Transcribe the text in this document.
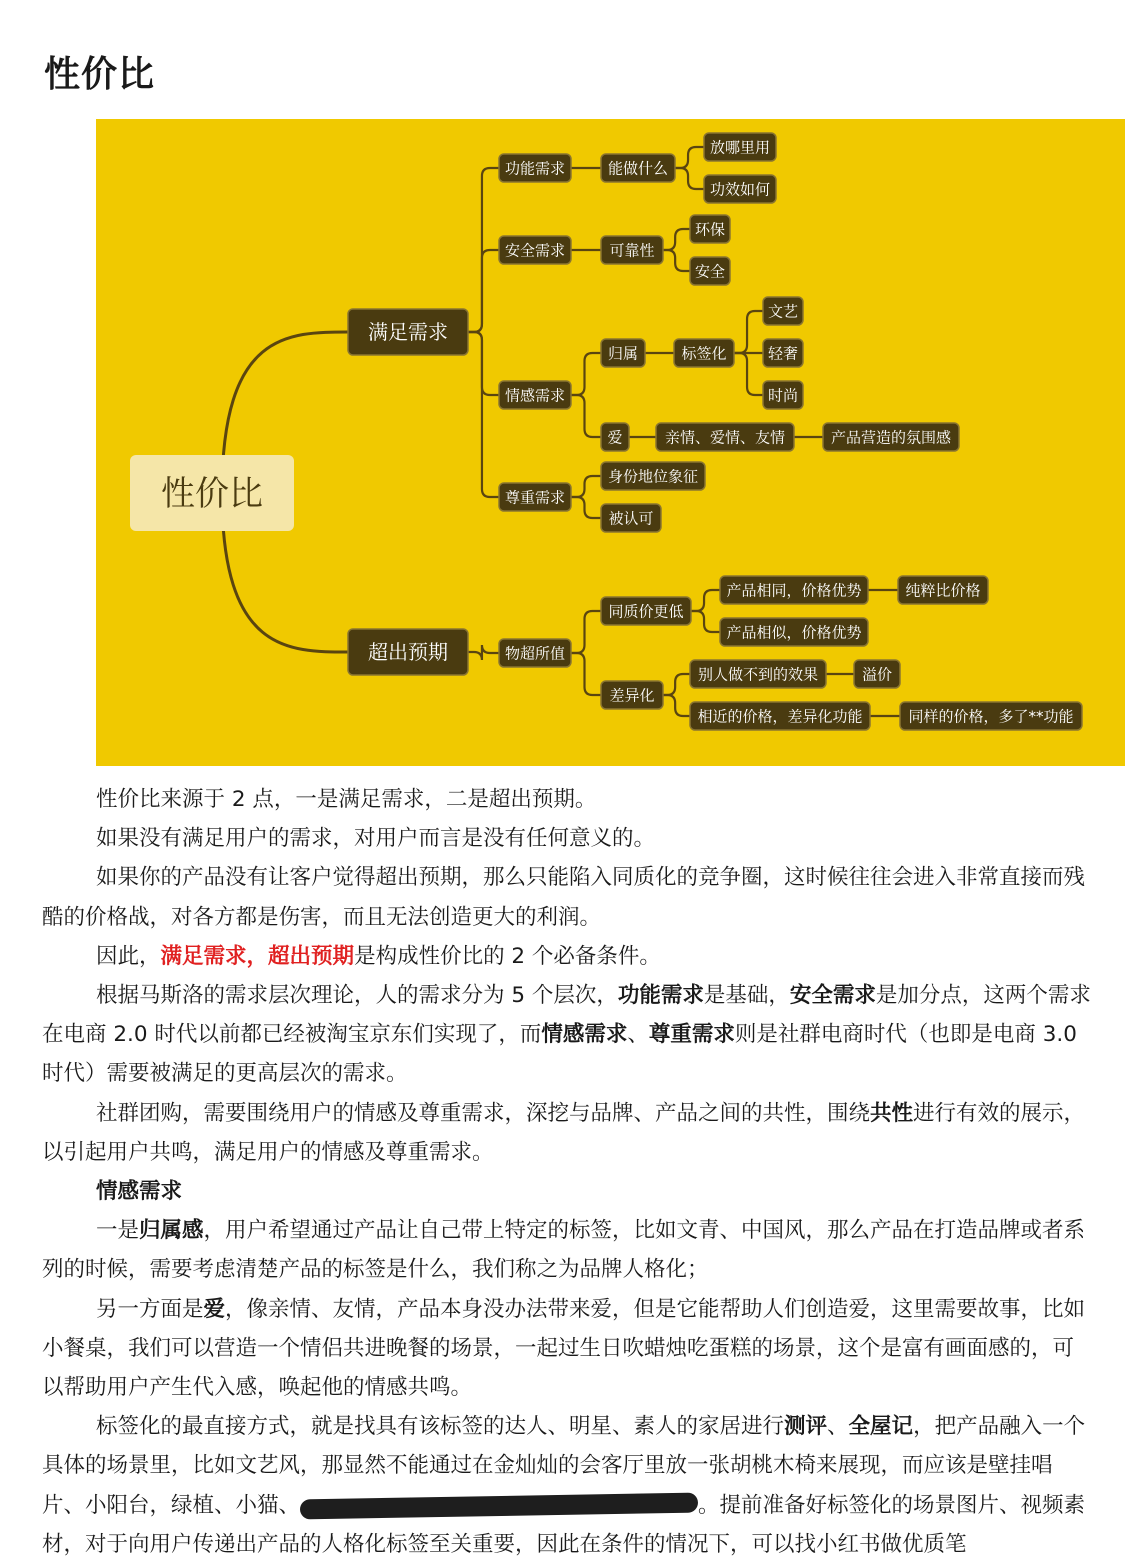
性价比
性价比
满足需求
超出预期
功能需求	能做什么
放哪里用
功效如何
安全需求	可靠性
环保
安全
情感需求
归属	标签化
文艺
轻奢
时尚
爱	亲情、爱情、友情	产品营造的氛围感
尊重需求
身份地位象征
被认可
物超所值
同质价更低
产品相同，价格优势	纯粹比价格
产品相似，价格优势
差异化
别人做不到的效果	溢价
相近的价格，差异化功能	同样的价格，多了**功能

性价比来源于 2 点，一是满足需求，二是超出预期。

如果没有满足用户的需求，对用户而言是没有任何意义的。

如果你的产品没有让客户觉得超出预期，那么只能陷入同质化的竞争圈，这时候往往会进入非常直接而残酷的价格战，对各方都是伤害，而且无法创造更大的利润。

因此，满足需求，超出预期是构成性价比的 2 个必备条件。

根据马斯洛的需求层次理论，人的需求分为 5 个层次，功能需求是基础，安全需求是加分点，这两个需求在电商 2.0 时代以前都已经被淘宝京东们实现了，而情感需求、尊重需求则是社群电商时代（也即是电商 3.0 时代）需要被满足的更高层次的需求。

社群团购，需要围绕用户的情感及尊重需求，深挖与品牌、产品之间的共性，围绕共性进行有效的展示，以引起用户共鸣，满足用户的情感及尊重需求。

情感需求

一是归属感，用户希望通过产品让自己带上特定的标签，比如文青、中国风，那么产品在打造品牌或者系列的时候，需要考虑清楚产品的标签是什么，我们称之为品牌人格化；

另一方面是爱，像亲情、友情，产品本身没办法带来爱，但是它能帮助人们创造爱，这里需要故事，比如小餐桌，我们可以营造一个情侣共进晚餐的场景，一起过生日吹蜡烛吃蛋糕的场景，这个是富有画面感的，可以帮助用户产生代入感，唤起他的情感共鸣。

标签化的最直接方式，就是找具有该标签的达人、明星、素人的家居进行测评、全屋记，把产品融入一个具体的场景里，比如文艺风，那显然不能通过在金灿灿的会客厅里放一张胡桃木椅来展现，而应该是壁挂唱片、小阳台，绿植、小猫、	。提前准备好标签化的场景图片、视频素材，对于向用户传递出产品的人格化标签至关重要，因此在条件的情况下，可以找小红书做优质笔
